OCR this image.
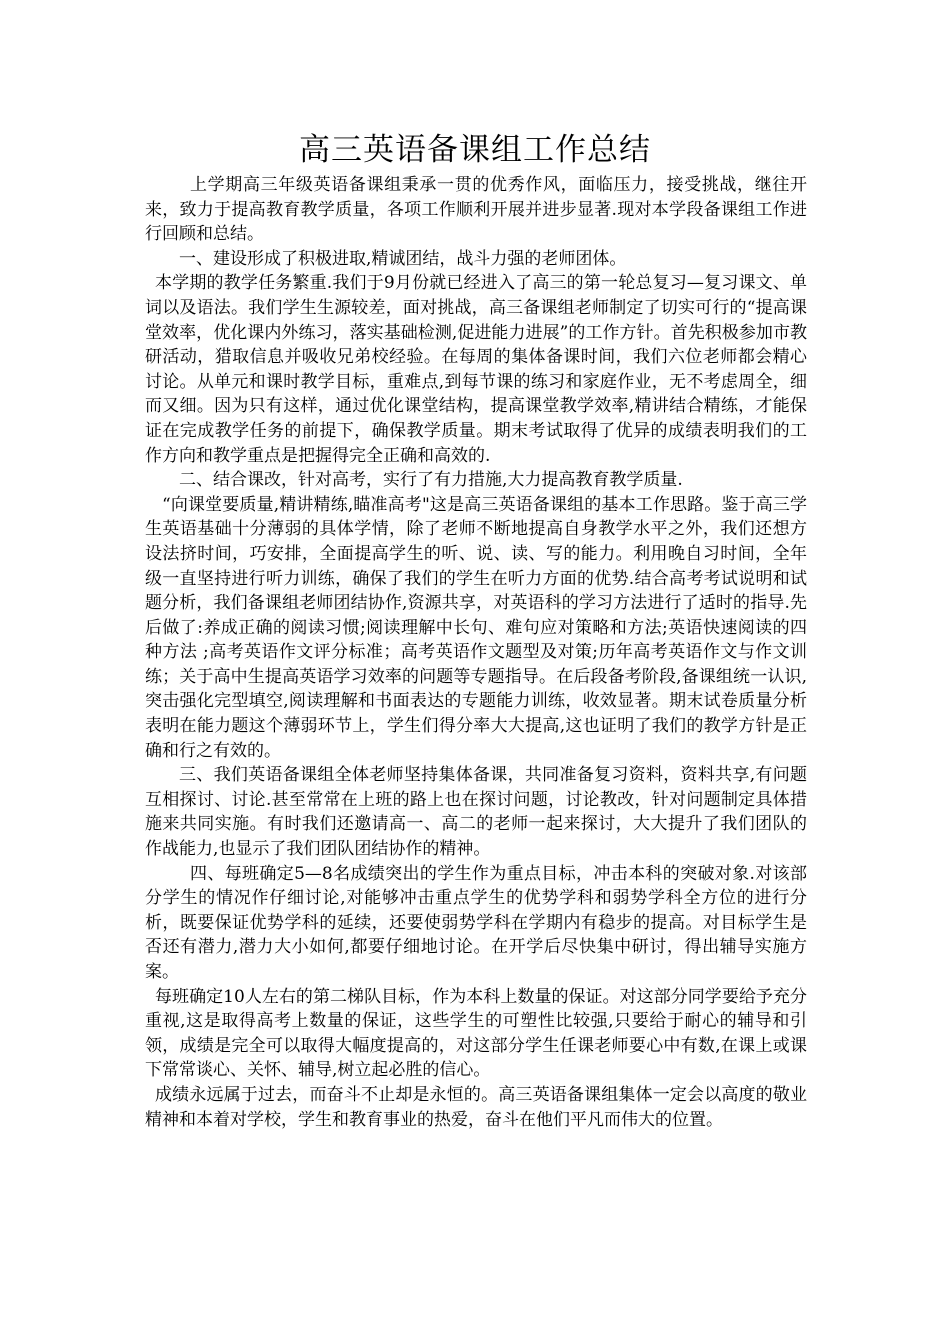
高三英语备课组工作总结

上学期高三年级英语备课组秉承一贯的优秀作风，面临压力，接受挑战，继往开来，致力于提高教育教学质量，各项工作顺利开展并进步显著.现对本学段备课组工作进行回顾和总结。

一、建设形成了积极进取,精诚团结，战斗力强的老师团体。

本学期的教学任务繁重.我们于9月份就已经进入了高三的第一轮总复习—复习课文、单词以及语法。我们学生生源较差，面对挑战，高三备课组老师制定了切实可行的“提高课堂效率，优化课内外练习，落实基础检测,促进能力进展”的工作方针。首先积极参加市教研活动，猎取信息并吸收兄弟校经验。在每周的集体备课时间，我们六位老师都会精心讨论。从单元和课时教学目标，重难点,到每节课的练习和家庭作业，无不考虑周全，细而又细。因为只有这样，通过优化课堂结构，提高课堂教学效率,精讲结合精练，才能保证在完成教学任务的前提下，确保教学质量。期末考试取得了优异的成绩表明我们的工作方向和教学重点是把握得完全正确和高效的.

二、结合课改，针对高考，实行了有力措施,大力提高教育教学质量.

“向课堂要质量,精讲精练,瞄准高考"这是高三英语备课组的基本工作思路。鉴于高三学生英语基础十分薄弱的具体学情，除了老师不断地提高自身教学水平之外，我们还想方设法挤时间，巧安排，全面提高学生的听、说、读、写的能力。利用晚自习时间，全年级一直坚持进行听力训练，确保了我们的学生在听力方面的优势.结合高考考试说明和试题分析，我们备课组老师团结协作,资源共享，对英语科的学习方法进行了适时的指导.先后做了:养成正确的阅读习惯;阅读理解中长句、难句应对策略和方法;英语快速阅读的四种方法 ;高考英语作文评分标准；高考英语作文题型及对策;历年高考英语作文与作文训练；关于高中生提高英语学习效率的问题等专题指导。在后段备考阶段,备课组统一认识,突击强化完型填空,阅读理解和书面表达的专题能力训练，收效显著。期末试卷质量分析表明在能力题这个薄弱环节上，学生们得分率大大提高,这也证明了我们的教学方针是正确和行之有效的。

三、我们英语备课组全体老师坚持集体备课，共同准备复习资料，资料共享,有问题互相探讨、讨论.甚至常常在上班的路上也在探讨问题，讨论教改，针对问题制定具体措施来共同实施。有时我们还邀请高一、高二的老师一起来探讨，大大提升了我们团队的作战能力,也显示了我们团队团结协作的精神。

四、每班确定5—8名成绩突出的学生作为重点目标，冲击本科的突破对象.对该部分学生的情况作仔细讨论,对能够冲击重点学生的优势学科和弱势学科全方位的进行分析，既要保证优势学科的延续，还要使弱势学科在学期内有稳步的提高。对目标学生是否还有潜力,潜力大小如何,都要仔细地讨论。在开学后尽快集中研讨，得出辅导实施方案。

每班确定10人左右的第二梯队目标，作为本科上数量的保证。对这部分同学要给予充分重视,这是取得高考上数量的保证，这些学生的可塑性比较强,只要给于耐心的辅导和引领，成绩是完全可以取得大幅度提高的，对这部分学生任课老师要心中有数,在课上或课下常常谈心、关怀、辅导,树立起必胜的信心。

成绩永远属于过去，而奋斗不止却是永恒的。高三英语备课组集体一定会以高度的敬业精神和本着对学校，学生和教育事业的热爱，奋斗在他们平凡而伟大的位置。
